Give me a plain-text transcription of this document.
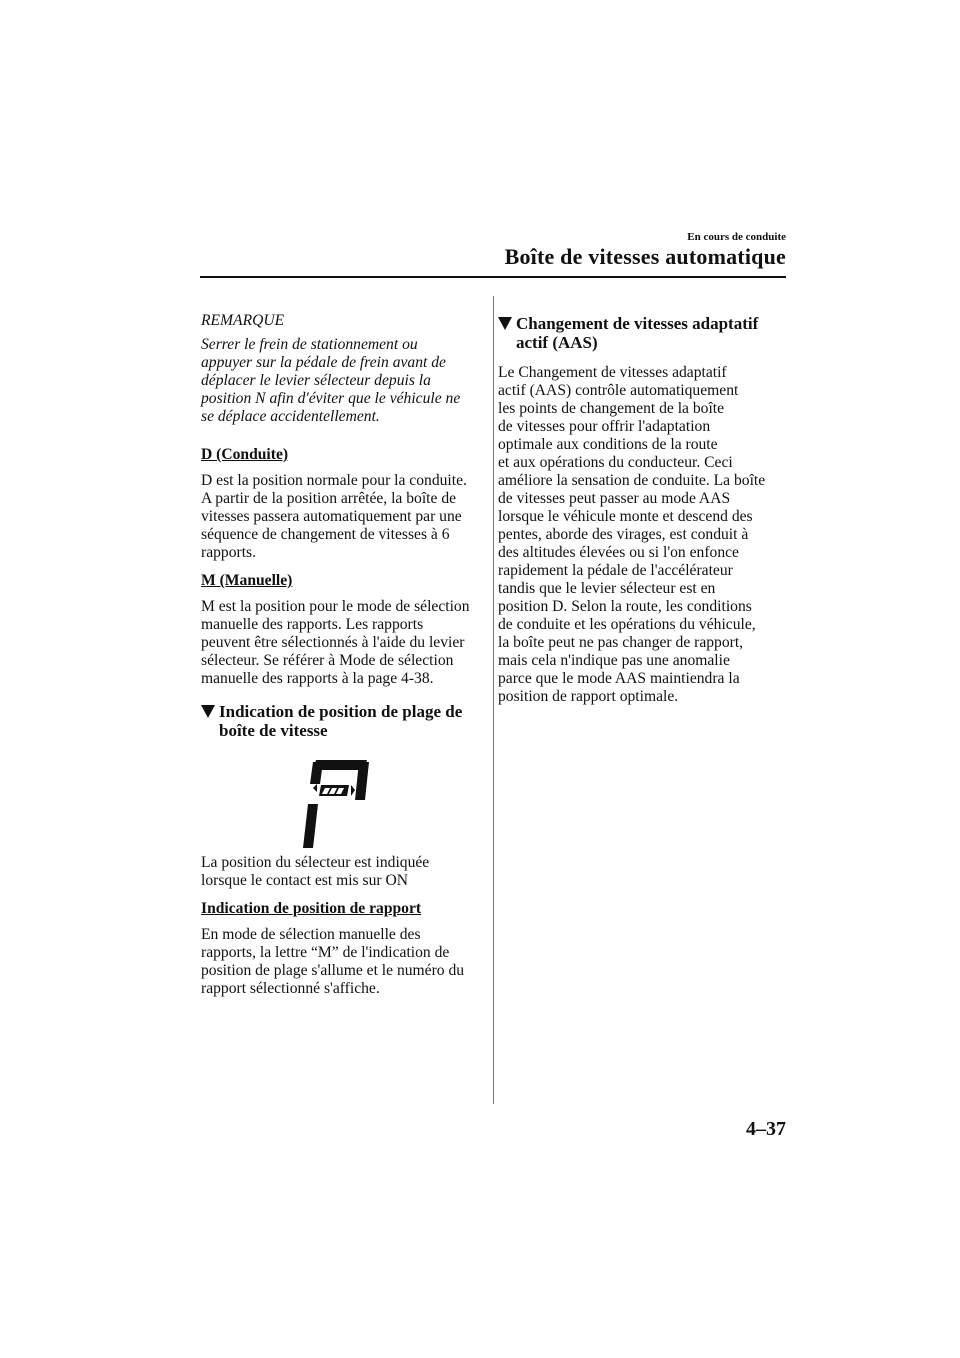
En cours de conduite
Boîte de vitesses automatique

REMARQUE

Serrer le frein de stationnement ou

appuyer sur la pédale de frein avant de

déplacer le levier sélecteur depuis la

position N afin d'éviter que le véhicule ne

se déplace accidentellement.

D (Conduite)

D est la position normale pour la conduite.

A partir de la position arrêtée, la boîte de

vitesses passera automatiquement par une

séquence de changement de vitesses à 6

rapports.

M (Manuelle)

M est la position pour le mode de sélection

manuelle des rapports. Les rapports

peuvent être sélectionnés à l'aide du levier

sélecteur. Se référer à Mode de sélection

manuelle des rapports à la page 4-38.

Indication de position de plage de
boîte de vitesse

La position du sélecteur est indiquée

lorsque le contact est mis sur ON

Indication de position de rapport

En mode de sélection manuelle des

rapports, la lettre “M” de l'indication de

position de plage s'allume et le numéro du

rapport sélectionné s'affiche.

Changement de vitesses adaptatif
actif (AAS)

Le Changement de vitesses adaptatif

actif (AAS) contrôle automatiquement

les points de changement de la boîte

de vitesses pour offrir l'adaptation

optimale aux conditions de la route

et aux opérations du conducteur. Ceci

améliore la sensation de conduite. La boîte

de vitesses peut passer au mode AAS

lorsque le véhicule monte et descend des

pentes, aborde des virages, est conduit à

des altitudes élevées ou si l'on enfonce

rapidement la pédale de l'accélérateur

tandis que le levier sélecteur est en

position D. Selon la route, les conditions

de conduite et les opérations du véhicule,

la boîte peut ne pas changer de rapport,

mais cela n'indique pas une anomalie

parce que le mode AAS maintiendra la

position de rapport optimale.

4–37
